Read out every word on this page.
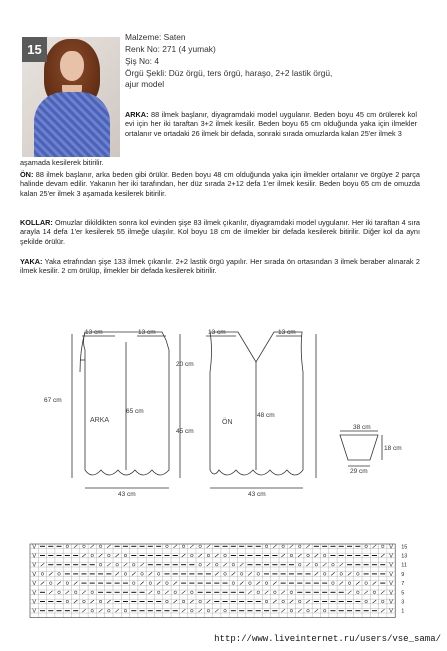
15
Malzeme: Saten
Renk No: 271 (4 yumak)
Şiş No: 4
Örgü Şekli: Düz örgü, ters örgü, haraşo, 2+2 lastik örgü,
ajur model
ARKA: 88 ilmek başlanır, diyagramdaki model uygulanır. Beden boyu 45 cm örülerek kol evi için her iki taraftan 3+2 ilmek kesilir. Beden boyu 65 cm olduğunda yaka için ilmekler ortalanır ve ortadaki 26 ilmek bir defada, sonraki sırada omuzlarda kalan 25'er ilmek 3
aşamada kesilerek bitirilir.
ÖN: 88 ilmek başlanır, arka beden gibi örülür. Beden boyu 48 cm olduğunda yaka için ilmekler ortalanır ve örgüye 2 parça halinde devam edilir. Yakanın her iki tarafından, her düz sırada 2+12 defa 1'er ilmek kesilir. Beden boyu 65 cm de omuzda kalan 25'er ilmek 3 aşamada kesilerek bitirilir.
KOLLAR: Omuzlar dikildikten sonra kol evinden şişe 83 ilmek çıkarılır, diyagramdaki model uygulanır. Her iki taraftan 4 sıra arayla 14 defa 1'er kesilerek 55 ilmeğe ulaşılır. Kol boyu 18 cm de ilmekler bir defada kesilerek bitirilir. Diğer kol da aynı şekilde örülür.
YAKA: Yaka etrafından şişe 133 ilmek çıkarılır. 2+2 lastik örgü yapılır. Her sırada ön ortasından 3 ilmek beraber alınarak 2 ilmek kesilir. 2 cm örülüp, ilmekler bir defada kesilerek bitirilir.
13 cm	13 cm	13 cm	13 cm
67 cm
20 cm
65 cm
48 cm
45 cm
43 cm	43 cm
38 cm
18 cm
29 cm
ARKA	ÖN
V	V 15
V	V 13
V	V 11
V	V 9
V	V 7
V	V 5
V	V 3
V	V 1
http://www.liveinternet.ru/users/vse_sama/
